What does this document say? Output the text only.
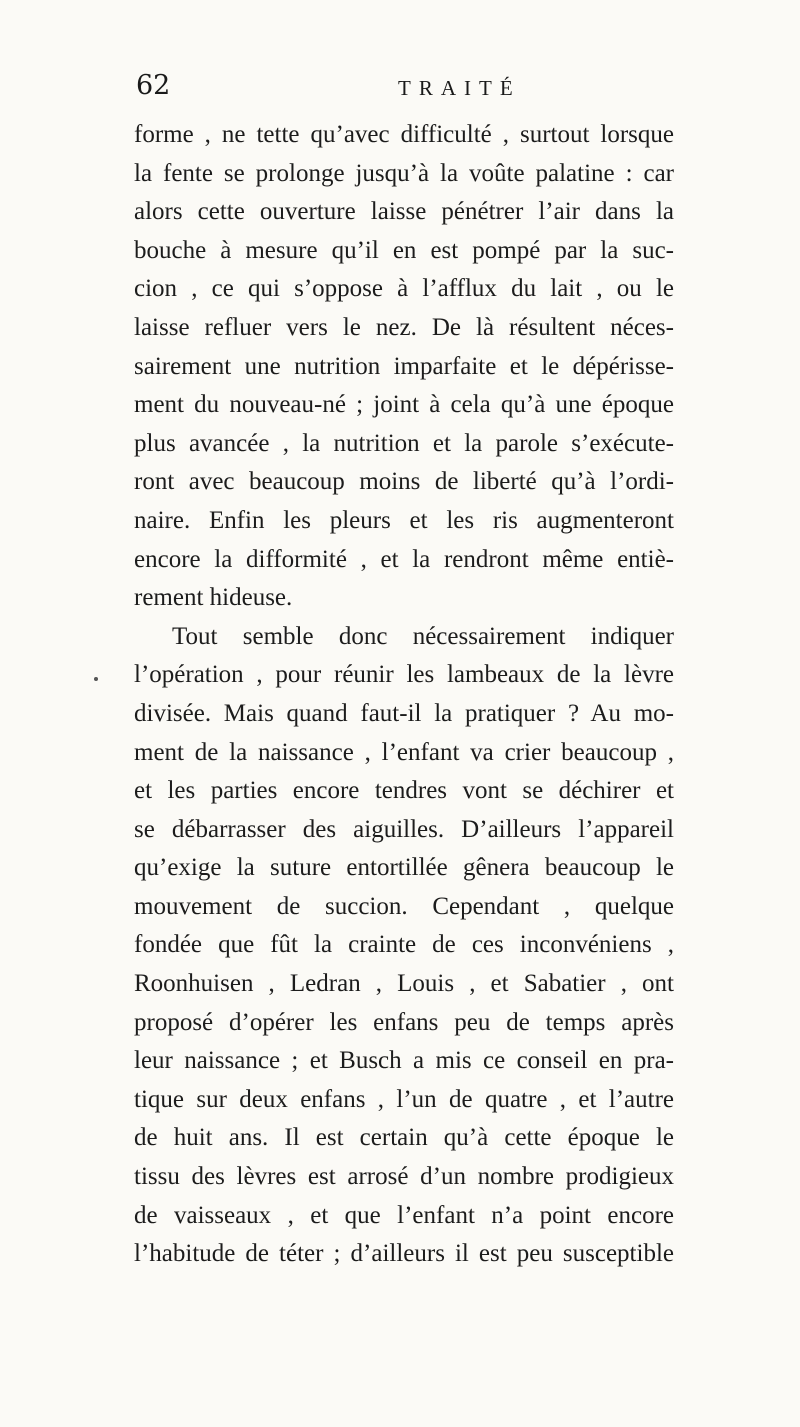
62	TRAITÉ
forme , ne tette qu’avec difficulté , surtout lorsque
la fente se prolonge jusqu’à la voûte palatine : car
alors cette ouverture laisse pénétrer l’air dans la
bouche à mesure qu’il en est pompé par la suc-
cion , ce qui s’oppose à l’afflux du lait , ou le
laisse refluer vers le nez. De là résultent néces-
sairement une nutrition imparfaite et le dépérisse-
ment du nouveau-né ; joint à cela qu’à une époque
plus avancée , la nutrition et la parole s’exécute-
ront avec beaucoup moins de liberté qu’à l’ordi-
naire. Enfin les pleurs et les ris augmenteront
encore la difformité , et la rendront même entiè-
rement hideuse.
Tout semble donc nécessairement indiquer
l’opération , pour réunir les lambeaux de la lèvre
divisée. Mais quand faut-il la pratiquer ? Au mo-
ment de la naissance , l’enfant va crier beaucoup ,
et les parties encore tendres vont se déchirer et
se débarrasser des aiguilles. D’ailleurs l’appareil
qu’exige la suture entortillée gênera beaucoup le
mouvement de succion. Cependant , quelque
fondée que fût la crainte de ces inconvéniens ,
Roonhuisen , Ledran , Louis , et Sabatier , ont
proposé d’opérer les enfans peu de temps après
leur naissance ; et Busch a mis ce conseil en pra-
tique sur deux enfans , l’un de quatre , et l’autre
de huit ans. Il est certain qu’à cette époque le
tissu des lèvres est arrosé d’un nombre prodigieux
de vaisseaux , et que l’enfant n’a point encore
l’habitude de téter ; d’ailleurs il est peu susceptible
